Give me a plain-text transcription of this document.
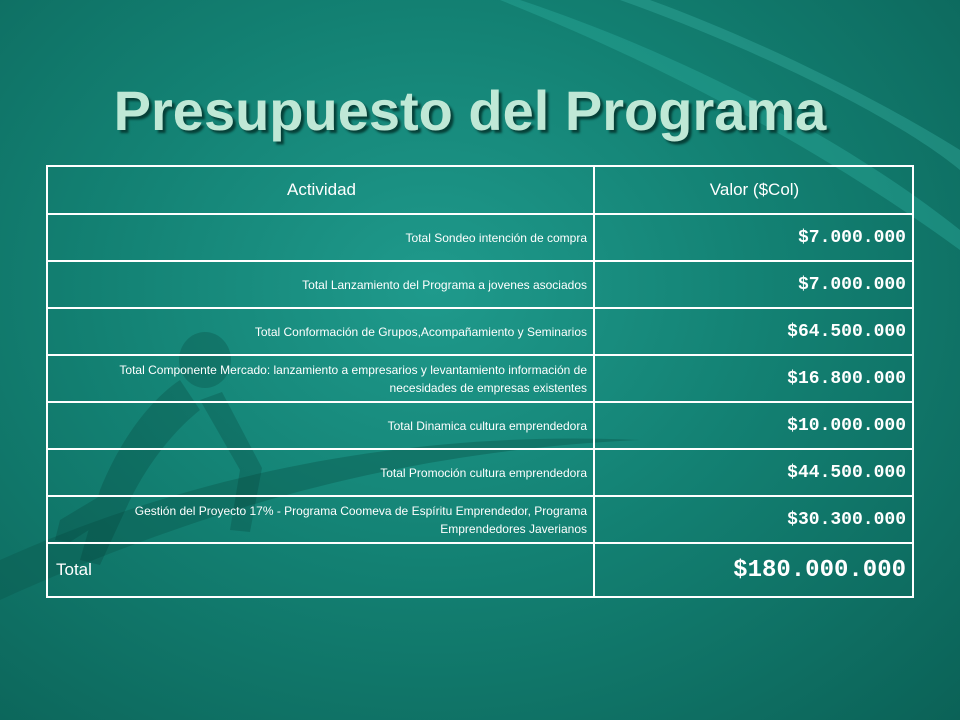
Presupuesto del Programa
Actividad	Valor ($Col)
Total Sondeo intención de compra	$7.000.000
Total Lanzamiento del Programa a jovenes asociados	$7.000.000
Total Conformación de Grupos,Acompañamiento y Seminarios	$64.500.000
Total Componente Mercado: lanzamiento a empresarios y levantamiento información de necesidades de empresas existentes	$16.800.000
Total Dinamica cultura emprendedora	$10.000.000
Total Promoción cultura emprendedora	$44.500.000
Gestión del Proyecto 17% - Programa Coomeva de Espíritu Emprendedor, Programa Emprendedores Javerianos	$30.300.000
Total	$180.000.000
